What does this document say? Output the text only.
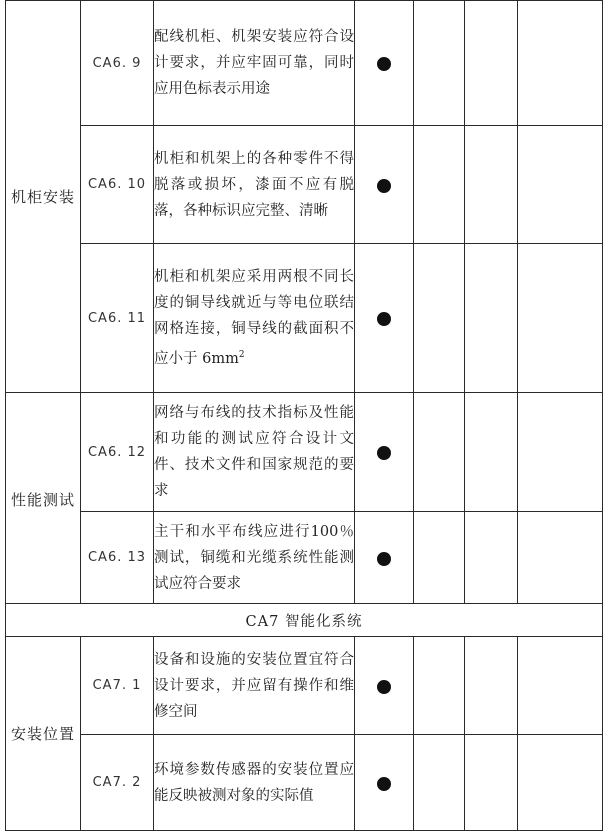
机柜安装	CA6. 9	配线机柜、机架安装应符合设计要求，并应牢固可靠，同时应用色标表示用途				
	CA6. 10	机柜和机架上的各种零件不得脱落或损坏，漆面不应有脱落，各种标识应完整、清晰				
	CA6. 11	机柜和机架应采用两根不同长度的铜导线就近与等电位联结网格连接，铜导线的截面积不应小于 $6mm^2$				
性能测试	CA6. 12	网络与布线的技术指标及性能和功能的测试应符合设计文件、技术文件和国家规范的要求				
	CA6. 13	主干和水平布线应进行100％测试，铜缆和光缆系统性能测试应符合要求				
CA7 智能化系统						
安装位置	CA7. 1	设备和设施的安装位置宜符合设计要求，并应留有操作和维修空间				
	CA7. 2	环境参数传感器的安装位置应能反映被测对象的实际值				
